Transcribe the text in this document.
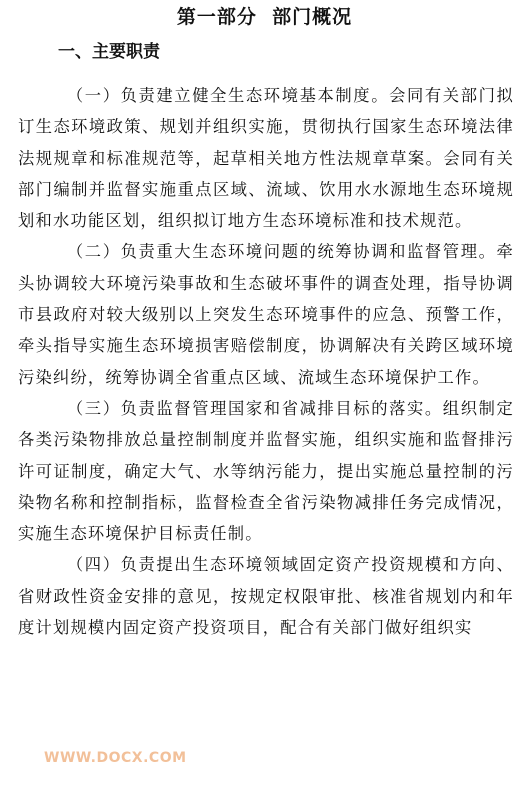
第一部分  部门概况
一、主要职责

（一）负责建立健全生态环境基本制度。会同有关部门拟订生态环境政策、规划并组织实施，贯彻执行国家生态环境法律法规规章和标准规范等，起草相关地方性法规章草案。会同有关部门编制并监督实施重点区域、流域、饮用水水源地生态环境规划和水功能区划，组织拟订地方生态环境标准和技术规范。

（二）负责重大生态环境问题的统筹协调和监督管理。牵头协调较大环境污染事故和生态破坏事件的调查处理，指导协调市县政府对较大级别以上突发生态环境事件的应急、预警工作，牵头指导实施生态环境损害赔偿制度，协调解决有关跨区域环境污染纠纷，统筹协调全省重点区域、流域生态环境保护工作。

（三）负责监督管理国家和省减排目标的落实。组织制定各类污染物排放总量控制制度并监督实施，组织实施和监督排污许可证制度，确定大气、水等纳污能力，提出实施总量控制的污染物名称和控制指标，监督检查全省污染物减排任务完成情况，实施生态环境保护目标责任制。

（四）负责提出生态环境领域固定资产投资规模和方向、省财政性资金安排的意见，按规定权限审批、核准省规划内和年度计划规模内固定资产投资项目，配合有关部门做好组织实

WWW.DOCX.COM
